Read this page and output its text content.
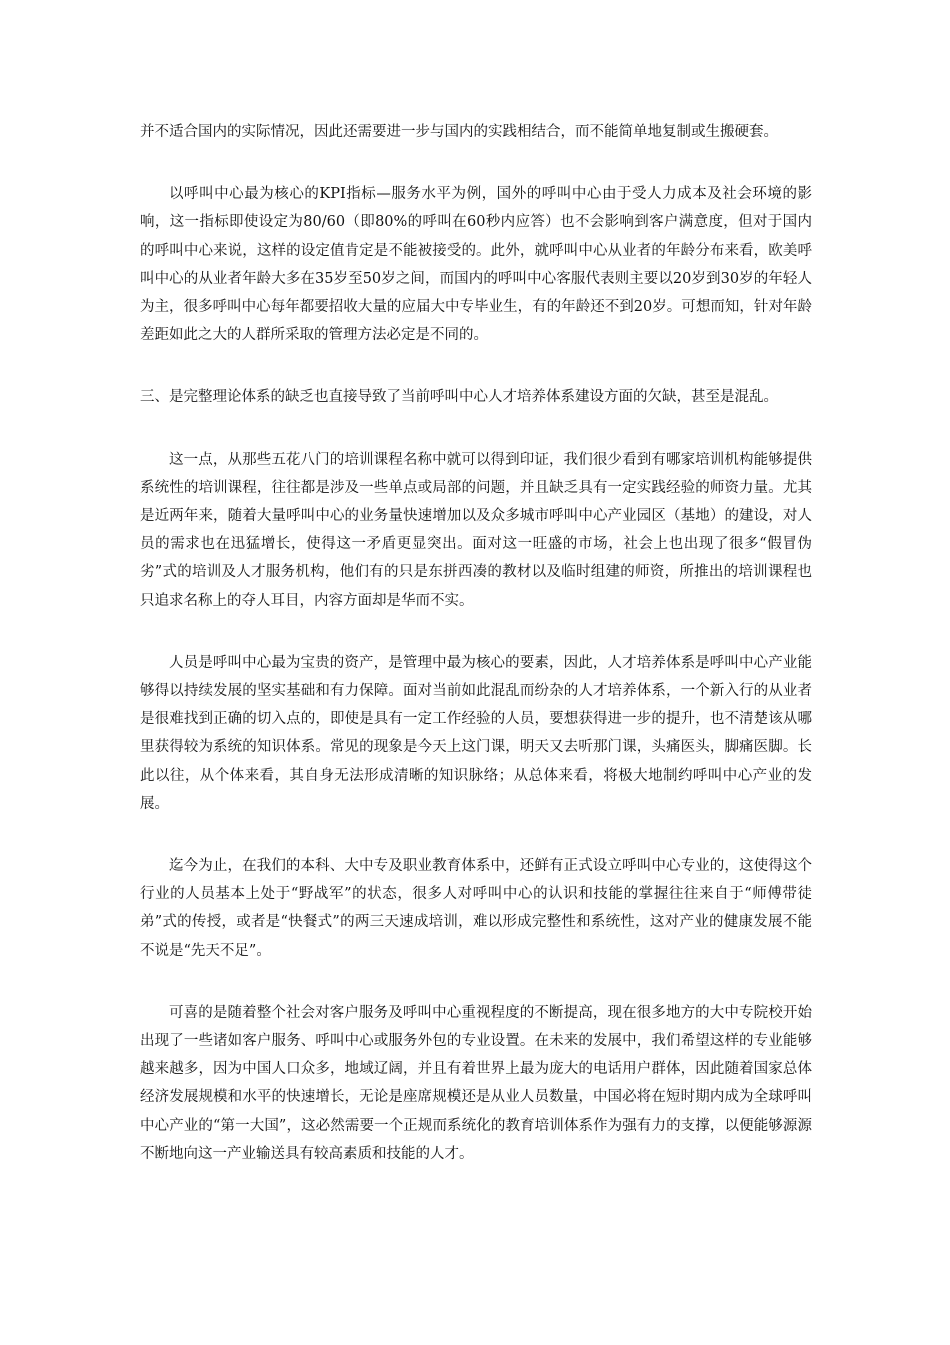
并不适合国内的实际情况，因此还需要进一步与国内的实践相结合，而不能简单地复制或生搬硬套。

以呼叫中心最为核心的KPI指标—服务水平为例，国外的呼叫中心由于受人力成本及社会环境的影响，这一指标即使设定为80/60（即80%的呼叫在60秒内应答）也不会影响到客户满意度，但对于国内的呼叫中心来说，这样的设定值肯定是不能被接受的。此外，就呼叫中心从业者的年龄分布来看，欧美呼叫中心的从业者年龄大多在35岁至50岁之间，而国内的呼叫中心客服代表则主要以20岁到30岁的年轻人为主，很多呼叫中心每年都要招收大量的应届大中专毕业生，有的年龄还不到20岁。可想而知，针对年龄差距如此之大的人群所采取的管理方法必定是不同的。

三、是完整理论体系的缺乏也直接导致了当前呼叫中心人才培养体系建设方面的欠缺，甚至是混乱。

这一点，从那些五花八门的培训课程名称中就可以得到印证，我们很少看到有哪家培训机构能够提供系统性的培训课程，往往都是涉及一些单点或局部的问题，并且缺乏具有一定实践经验的师资力量。尤其是近两年来，随着大量呼叫中心的业务量快速增加以及众多城市呼叫中心产业园区（基地）的建设，对人员的需求也在迅猛增长，使得这一矛盾更显突出。面对这一旺盛的市场，社会上也出现了很多“假冒伪劣”式的培训及人才服务机构，他们有的只是东拼西凑的教材以及临时组建的师资，所推出的培训课程也只追求名称上的夺人耳目，内容方面却是华而不实。

人员是呼叫中心最为宝贵的资产，是管理中最为核心的要素，因此，人才培养体系是呼叫中心产业能够得以持续发展的坚实基础和有力保障。面对当前如此混乱而纷杂的人才培养体系，一个新入行的从业者是很难找到正确的切入点的，即使是具有一定工作经验的人员，要想获得进一步的提升，也不清楚该从哪里获得较为系统的知识体系。常见的现象是今天上这门课，明天又去听那门课，头痛医头，脚痛医脚。长此以往，从个体来看，其自身无法形成清晰的知识脉络；从总体来看，将极大地制约呼叫中心产业的发展。

迄今为止，在我们的本科、大中专及职业教育体系中，还鲜有正式设立呼叫中心专业的，这使得这个行业的人员基本上处于“野战军”的状态，很多人对呼叫中心的认识和技能的掌握往往来自于“师傅带徒弟”式的传授，或者是“快餐式”的两三天速成培训，难以形成完整性和系统性，这对产业的健康发展不能不说是“先天不足”。

可喜的是随着整个社会对客户服务及呼叫中心重视程度的不断提高，现在很多地方的大中专院校开始出现了一些诸如客户服务、呼叫中心或服务外包的专业设置。在未来的发展中，我们希望这样的专业能够越来越多，因为中国人口众多，地域辽阔，并且有着世界上最为庞大的电话用户群体，因此随着国家总体经济发展规模和水平的快速增长，无论是座席规模还是从业人员数量，中国必将在短时期内成为全球呼叫中心产业的“第一大国”，这必然需要一个正规而系统化的教育培训体系作为强有力的支撑，以便能够源源不断地向这一产业输送具有较高素质和技能的人才。
